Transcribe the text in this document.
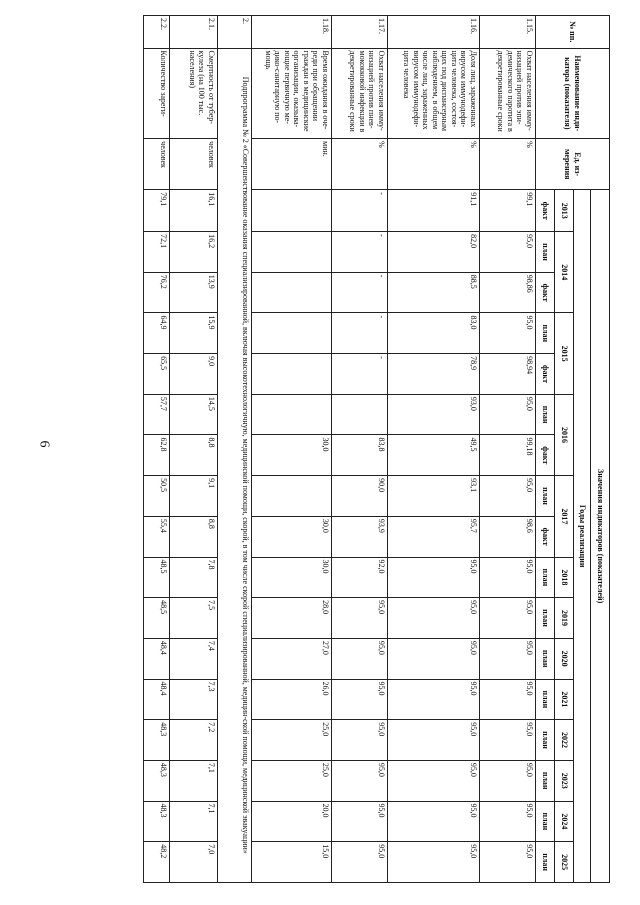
6
№ пп.	Наименование инди-катора (показателя)	Ед. из-мерения	Значения индикаторов (показателей)																
			Годы реализации																
			2013	2014		2015		2016		2017		2018	2019	2020	2021	2022	2023	2024	2025
			факт	план	факт	план	факт	план	факт	план	факт	план	план	план	план	план	план	план	план
1.15.	Охват населения имму-низацией против эпи-демического паротита в декретированные сроки	%	99,1	95,0	98,86	95,0	98,94	95,0	99,18	95,0	98,6	95,0	95,0	95,0	95,0	95,0	95,0	95,0	95,0
1.16.	Доля лиц, зараженных вирусом иммунодефи-цита человека, состоя-щих под диспансерным наблюдением, в общем числе лиц, зараженных вирусом иммунодефи-цита человека	%	91,1	82,0	88,5	83,0	78,9	93,0	49,5	93,1	95,7	95,0	95,0	95,0	95,0	95,0	95,0	95,0	95,0
1.17.	Охват населения имму-низацией против пнев-мококковой инфекции в декретированные сроки	%	-	-	-	-	-		83,8	90,0	93,9	92,0	95,0	95,0	95,0	95,0	95,0	95,0	95,0
1.18.	Время ожидания в оче-реди при обращении граждан в медицинские организации, оказыва-ющие первичную ме-дико-санитарную по-мощь	мин.							30,0		30,0	30,0	28,0	27,0	26,0	25,0	25,0	20,0	15,0
2.	Подпрограмма № 2 «Совершенствование оказания специализированной, включая высокотехнологичную, медицинской помощи, скорой, в том числе скорой специализированной, медицин-ской помощи, медицинской эвакуации»																		
2.1.	Смертность от тубер-кулеза (на 100 тыс. населения)	человек	16,1	16,2	13,9	15,9	9,0	14,5	8,8	9,1	8,8	7,8	7,5	7,4	7,3	7,2	7,1	7,1	7,0
2.2.	Количество зареги-	человек	79,1	72,1	76,2	64,9	65,5	57,7	62,8	50,5	55,4	48,5	48,5	48,4	48,4	48,3	48,3	48,3	48,2
